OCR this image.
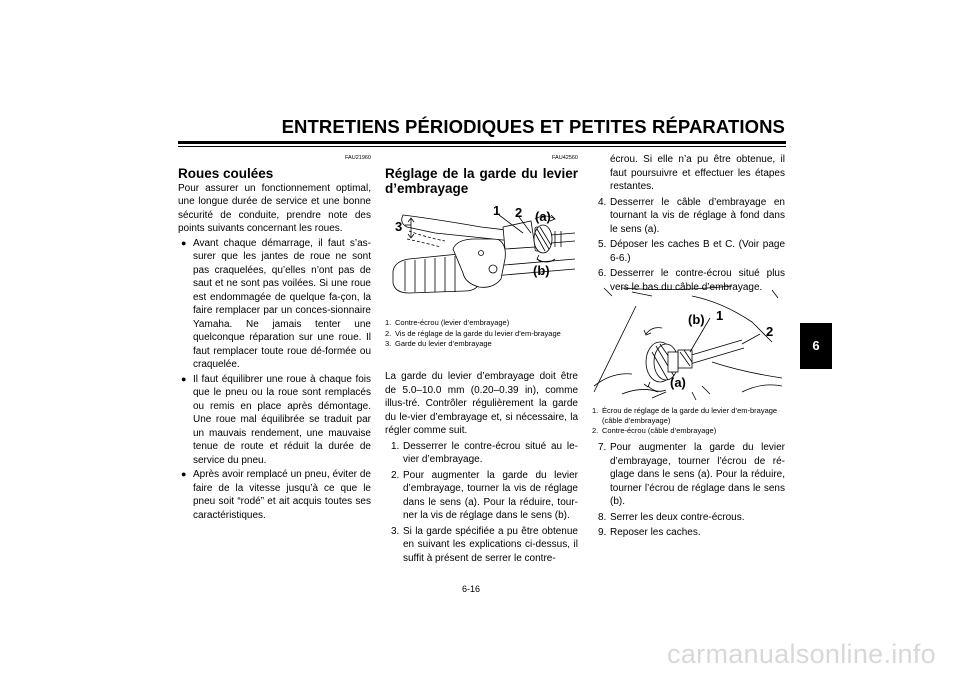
ENTRETIENS PÉRIODIQUES ET PETITES RÉPARATIONS
6
FAU21960
Roues coulées

Pour assurer un fonctionnement optimal, une longue durée de service et une bonne sécurité de conduite, prendre note des points suivants concernant les roues.

● Avant chaque démarrage, il faut s’as-surer que les jantes de roue ne sont pas craquelées, qu’elles n’ont pas de saut et ne sont pas voilées. Si une roue est endommagée de quelque fa-çon, la faire remplacer par un conces-sionnaire Yamaha. Ne jamais tenter une quelconque réparation sur une roue. Il faut remplacer toute roue dé-formée ou craquelée.

● Il faut équilibrer une roue à chaque fois que le pneu ou la roue sont remplacés ou remis en place après démontage. Une roue mal équilibrée se traduit par un mauvais rendement, une mauvaise tenue de route et réduit la durée de service du pneu.

● Après avoir remplacé un pneu, éviter de faire de la vitesse jusqu’à ce que le pneu soit “rodé” et ait acquis toutes ses caractéristiques.

FAU42560
Réglage de la garde du levier d’embrayage
3
1 2 (a)
(b)
1. Contre-écrou (levier d’embrayage)
2. Vis de réglage de la garde du levier d’em-brayage
3. Garde du levier d’embrayage

La garde du levier d’embrayage doit être de 5.0–10.0 mm (0.20–0.39 in), comme illus-tré. Contrôler régulièrement la garde du le-vier d’embrayage et, si nécessaire, la régler comme suit.

1. Desserrer le contre-écrou situé au le-vier d’embrayage.

2. Pour augmenter la garde du levier d’embrayage, tourner la vis de réglage dans le sens (a). Pour la réduire, tour-ner la vis de réglage dans le sens (b).

3. Si la garde spécifiée a pu être obtenue en suivant les explications ci-dessus, il suffit à présent de serrer le contre-

écrou. Si elle n’a pu être obtenue, il faut poursuivre et effectuer les étapes restantes.

4. Desserrer le câble d’embrayage en tournant la vis de réglage à fond dans le sens (a).

5. Déposer les caches B et C. (Voir page 6-6.)

6. Desserrer le contre-écrou situé plus vers le bas du câble d’embrayage.

(b) 1
2
(a)
1. Écrou de réglage de la garde du levier d’em-brayage (câble d’embrayage)
2. Contre-écrou (câble d’embrayage)
7. Pour augmenter la garde du levier d’embrayage, tourner l’écrou de ré-glage dans le sens (a). Pour la réduire, tourner l’écrou de réglage dans le sens (b).

8. Serrer les deux contre-écrous.

9. Reposer les caches.

6-16
carmanualsonline.info
